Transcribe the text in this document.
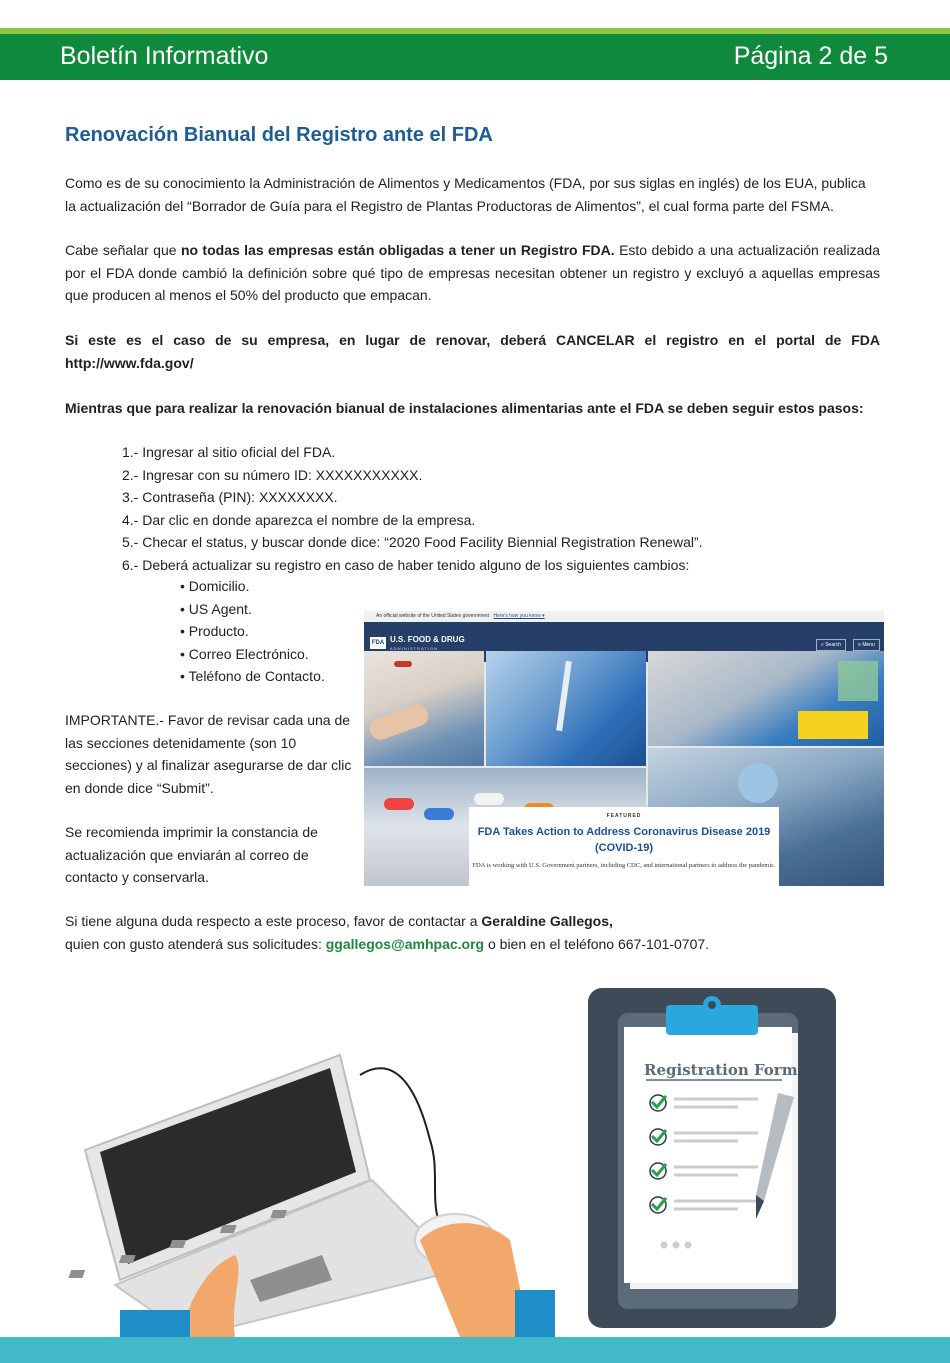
Boletín Informativo	Página 2 de 5
Renovación Bianual del Registro ante el FDA
Como es de su conocimiento la Administración de Alimentos y Medicamentos (FDA, por sus siglas en inglés) de los EUA, publica
la actualización del “Borrador de Guía para el Registro de Plantas Productoras de Alimentos”, el cual forma parte del FSMA.
Cabe señalar que no todas las empresas están obligadas a tener un Registro FDA. Esto debido a una actualización realizada por el FDA donde cambió la definición sobre qué tipo de empresas necesitan obtener un registro y excluyó a aquellas empresas que producen al menos el 50% del producto que empacan.
Si este es el caso de su empresa, en lugar de renovar, deberá CANCELAR el registro en el portal de FDA http://www.fda.gov/
Mientras que para realizar la renovación bianual de instalaciones alimentarias ante el FDA se deben seguir estos pasos:
1.- Ingresar al sitio oficial del FDA.
2.- Ingresar con su número ID: XXXXXXXXXXX.
3.- Contraseña (PIN): XXXXXXXX.
4.- Dar clic en donde aparezca el nombre de la empresa.
5.- Checar el status, y buscar donde dice: “2020 Food Facility Biennial Registration Renewal”.
6.- Deberá actualizar su registro en caso de haber tenido alguno de los siguientes cambios:
• Domicilio.
• US Agent.
• Producto.
• Correo Electrónico.
• Teléfono de Contacto.
IMPORTANTE.- Favor de revisar cada una de las secciones detenidamente (son 10 secciones) y al finalizar asegurarse de dar clic en donde dice “Submit”.
Se recomienda imprimir la constancia de actualización que enviarán al correo de contacto y conservarla.
An official website of the United States government Here's how you know ▾
FDA U.S. FOOD & DRUG
ADMINISTRATION
⌕ Search	≡ Menu
FEATURED
FDA Takes Action to Address Coronavirus Disease 2019 (COVID-19)
FDA is working with U.S. Government partners, including CDC, and international partners to address the pandemic.
Si tiene alguna duda respecto a este proceso, favor de contactar a Geraldine Gallegos,
quien con gusto atenderá sus solicitudes: ggallegos@amhpac.org o bien en el teléfono 667-101-0707.
Registration Form
